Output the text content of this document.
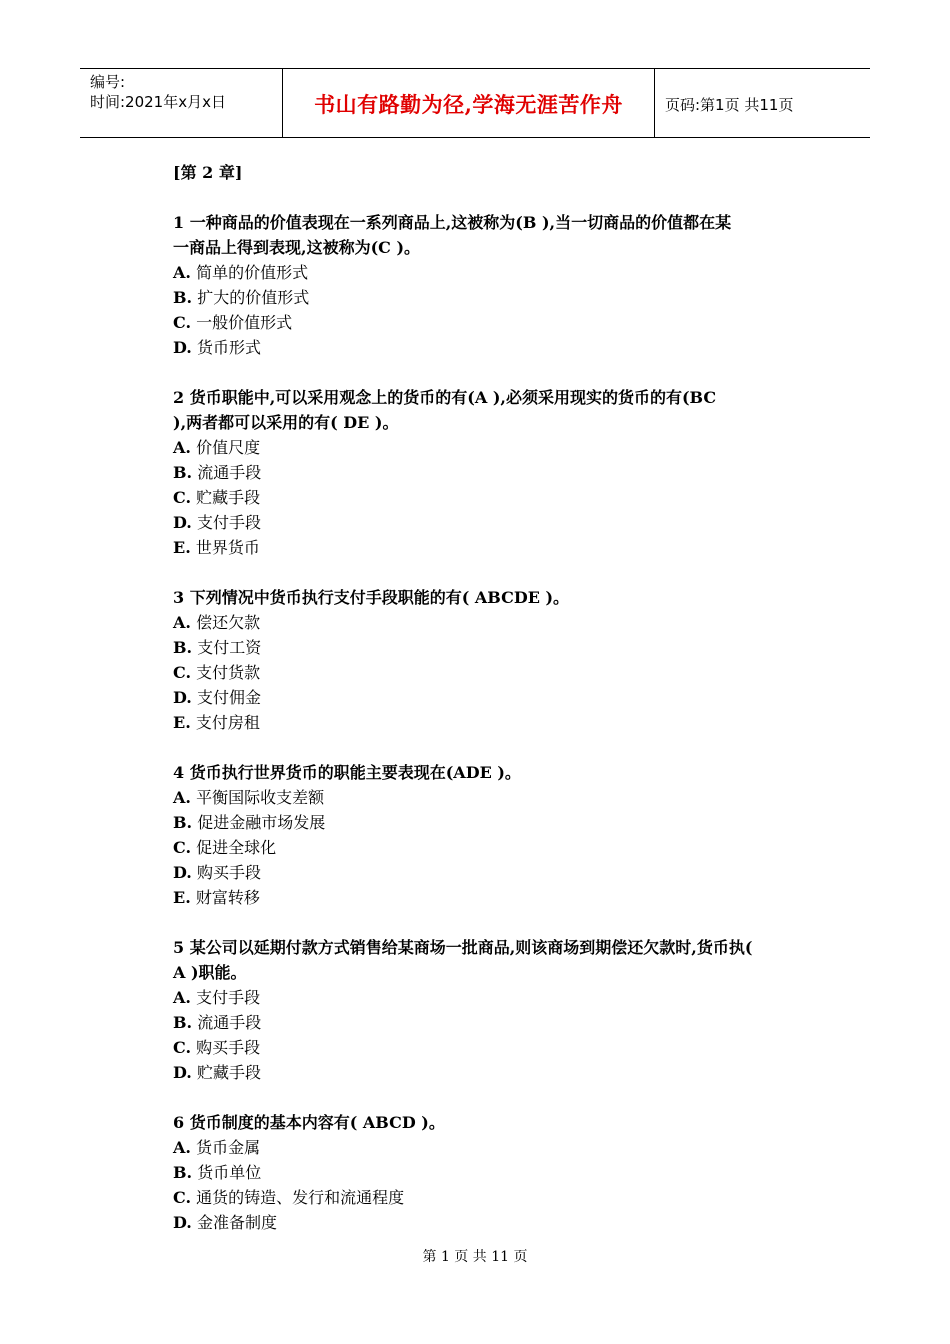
编号:
时间:2021年x月x日	书山有路勤为径,学海无涯苦作舟	页码:第1页 共11页

[第 2 章]

1 一种商品的价值表现在一系列商品上,这被称为(B ),当一切商品的价值都在某

一商品上得到表现,这被称为(C )。

A. 简单的价值形式

B. 扩大的价值形式

C. 一般价值形式

D. 货币形式

2 货币职能中,可以采用观念上的货币的有(A ),必须采用现实的货币的有(BC

),两者都可以采用的有( DE )。

A. 价值尺度

B. 流通手段

C. 贮藏手段

D. 支付手段

E. 世界货币

3 下列情况中货币执行支付手段职能的有( ABCDE )。

A. 偿还欠款

B. 支付工资

C. 支付货款

D. 支付佣金

E. 支付房租

4 货币执行世界货币的职能主要表现在(ADE )。

A. 平衡国际收支差额

B. 促进金融市场发展

C. 促进全球化

D. 购买手段

E. 财富转移

5 某公司以延期付款方式销售给某商场一批商品,则该商场到期偿还欠款时,货币执(

A )职能。

A. 支付手段

B. 流通手段

C. 购买手段

D. 贮藏手段

6 货币制度的基本内容有( ABCD )。

A. 货币金属

B. 货币单位

C. 通货的铸造、发行和流通程度

D. 金准备制度

第 1 页 共 11 页
